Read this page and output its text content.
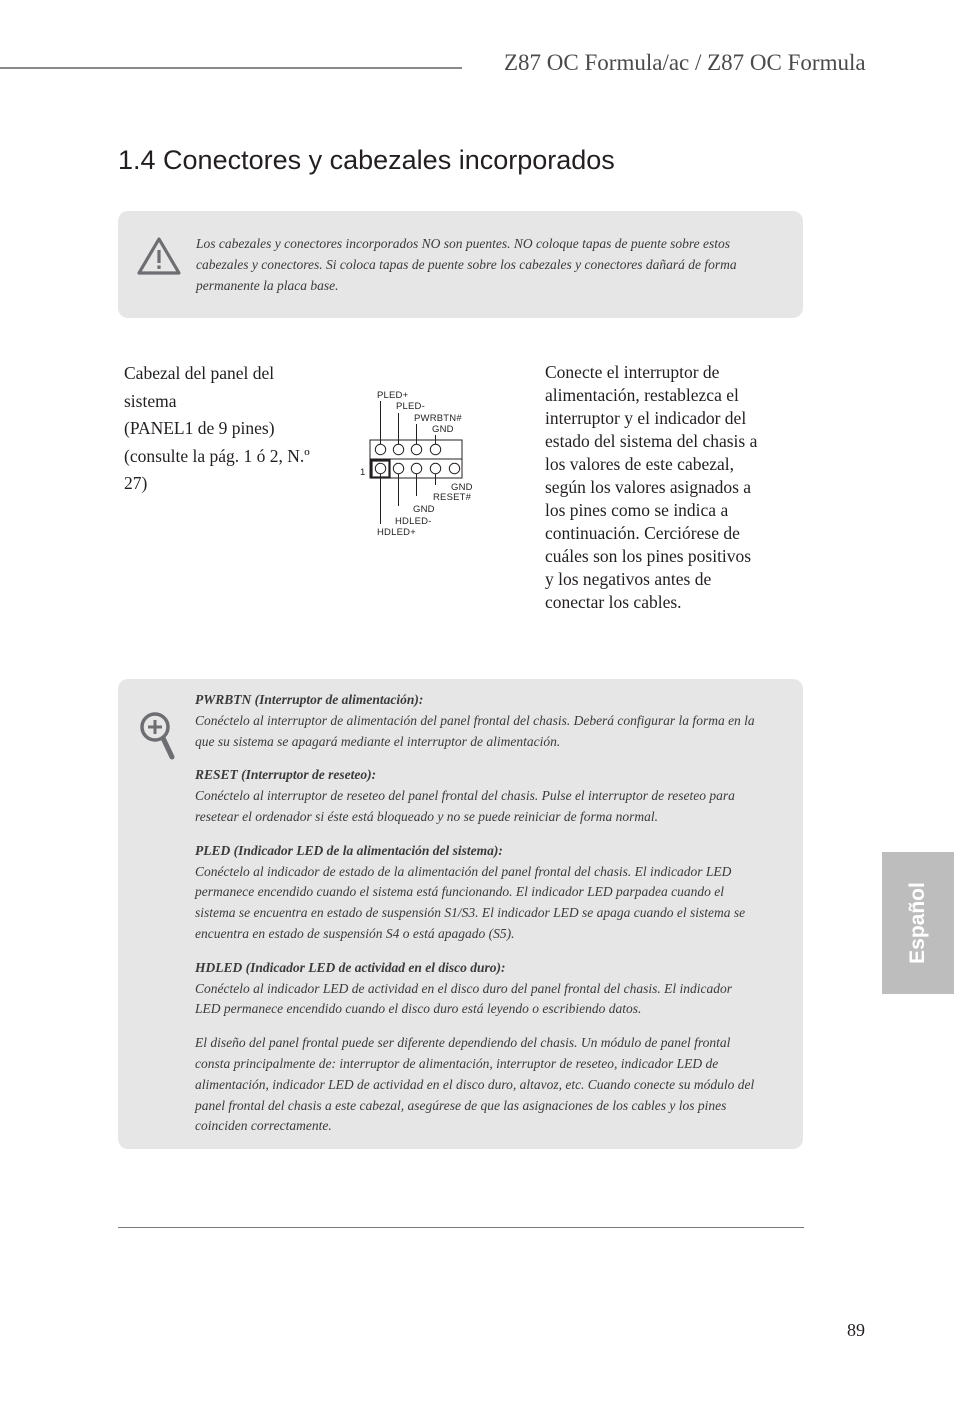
Z87 OC Formula/ac / Z87 OC Formula
1.4 Conectores y cabezales incorporados
Los cabezales y conectores incorporados NO son puentes. NO coloque tapas de puente sobre estos cabezales y conectores. Si coloca tapas de puente sobre los cabezales y conectores dañará de forma permanente la placa base.
Cabezal del panel del
sistema
(PANEL1 de 9 pines)
(consulte la pág. 1 ó 2, N.º
27)
PLED+
PLED-
PWRBTN#
GND
1
GND
RESET#
GND
HDLED-
HDLED+
Conecte el interruptor de alimentación, restablezca el interruptor y el indicador del estado del sistema del chasis a los valores de este cabezal, según los valores asignados a los pines como se indica a continuación. Cerciórese de cuáles son los pines positivos y los negativos antes de conectar los cables.
PWRBTN (Interruptor de alimentación):
Conéctelo al interruptor de alimentación del panel frontal del chasis. Deberá configurar la forma en la que su sistema se apagará mediante el interruptor de alimentación.
RESET (Interruptor de reseteo):
Conéctelo al interruptor de reseteo del panel frontal del chasis. Pulse el interruptor de reseteo para resetear el ordenador si éste está bloqueado y no se puede reiniciar de forma normal.
PLED (Indicador LED de la alimentación del sistema):
Conéctelo al indicador de estado de la alimentación del panel frontal del chasis. El indicador LED permanece encendido cuando el sistema está funcionando. El indicador LED parpadea cuando el sistema se encuentra en estado de suspensión S1/S3. El indicador LED se apaga cuando el sistema se encuentra en estado de suspensión S4 o está apagado (S5).
HDLED (Indicador LED de actividad en el disco duro):
Conéctelo al indicador LED de actividad en el disco duro del panel frontal del chasis. El indicador LED permanece encendido cuando el disco duro está leyendo o escribiendo datos.
El diseño del panel frontal puede ser diferente dependiendo del chasis. Un módulo de panel frontal consta principalmente de: interruptor de alimentación, interruptor de reseteo, indicador LED de alimentación, indicador LED de actividad en el disco duro, altavoz, etc. Cuando conecte su módulo del panel frontal del chasis a este cabezal, asegúrese de que las asignaciones de los cables y los pines coinciden correctamente.
Español
89
